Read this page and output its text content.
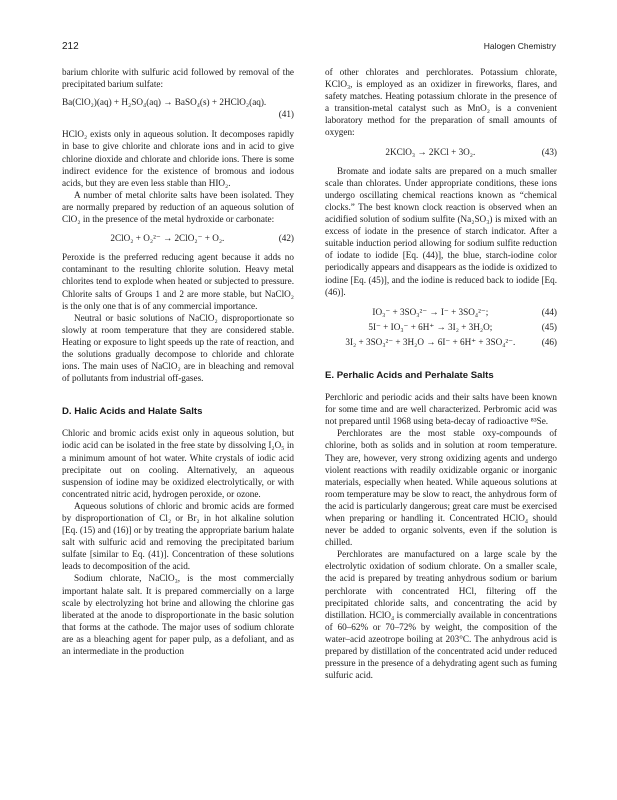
212	Halogen Chemistry

barium chlorite with sulfuric acid followed by removal of the precipitated barium sulfate:

Ba(ClO₂)(aq) + H₂SO₄(aq) → BaSO₄(s) + 2HClO₂(aq).
(41)

HClO₂ exists only in aqueous solution. It decomposes rapidly in base to give chlorite and chlorate ions and in acid to give chlorine dioxide and chlorate and chloride ions. There is some indirect evidence for the existence of bromous and iodous acids, but they are even less stable than HIO₂.

A number of metal chlorite salts have been isolated. They are normally prepared by reduction of an aqueous solution of ClO₂ in the presence of the metal hydroxide or carbonate:

2ClO₂ + O₂²⁻ → 2ClO₂⁻ + O₂.	(42)

Peroxide is the preferred reducing agent because it adds no contaminant to the resulting chlorite solution. Heavy metal chlorites tend to explode when heated or subjected to pressure. Chlorite salts of Groups 1 and 2 are more stable, but NaClO₂ is the only one that is of any commercial importance.

Neutral or basic solutions of NaClO₂ disproportionate so slowly at room temperature that they are considered stable. Heating or exposure to light speeds up the rate of reaction, and the solutions gradually decompose to chloride and chlorate ions. The main uses of NaClO₂ are in bleaching and removal of pollutants from industrial off-gases.

D. Halic Acids and Halate Salts

Chloric and bromic acids exist only in aqueous solution, but iodic acid can be isolated in the free state by dissolving I₂O₅ in a minimum amount of hot water. White crystals of iodic acid precipitate out on cooling. Alternatively, an aqueous suspension of iodine may be oxidized electrolytically, or with concentrated nitric acid, hydrogen peroxide, or ozone.

Aqueous solutions of chloric and bromic acids are formed by disproportionation of Cl₂ or Br₂ in hot alkaline solution [Eq. (15) and (16)] or by treating the appropriate barium halate salt with sulfuric acid and removing the precipitated barium sulfate [similar to Eq. (41)]. Concentration of these solutions leads to decomposition of the acid.

Sodium chlorate, NaClO₃, is the most commercially important halate salt. It is prepared commercially on a large scale by electrolyzing hot brine and allowing the chlorine gas liberated at the anode to disproportionate in the basic solution that forms at the cathode. The major uses of sodium chlorate are as a bleaching agent for paper pulp, as a defoliant, and as an intermediate in the production

of other chlorates and perchlorates. Potassium chlorate, KClO₃, is employed as an oxidizer in fireworks, flares, and safety matches. Heating potassium chlorate in the presence of a transition-metal catalyst such as MnO₂ is a convenient laboratory method for the preparation of small amounts of oxygen:

2KClO₃ → 2KCl + 3O₂.	(43)

Bromate and iodate salts are prepared on a much smaller scale than chlorates. Under appropriate conditions, these ions undergo oscillating chemical reactions known as “chemical clocks.” The best known clock reaction is observed when an acidified solution of sodium sulfite (Na₂SO₃) is mixed with an excess of iodate in the presence of starch indicator. After a suitable induction period allowing for sodium sulfite reduction of iodate to iodide [Eq. (44)], the blue, starch-iodine color periodically appears and disappears as the iodide is oxidized to iodine [Eq. (45)], and the iodine is reduced back to iodide [Eq. (46)].

IO₃⁻ + 3SO₃²⁻ → I⁻ + 3SO₄²⁻;	(44)
5I⁻ + IO₃⁻ + 6H⁺ → 3I₂ + 3H₂O;	(45)
3I₂ + 3SO₃²⁻ + 3H₂O → 6I⁻ + 6H⁺ + 3SO₄²⁻.	(46)
E. Perhalic Acids and Perhalate Salts

Perchloric and periodic acids and their salts have been known for some time and are well characterized. Perbromic acid was not prepared until 1968 using beta-decay of radioactive ⁸³Se.

Perchlorates are the most stable oxy-compounds of chlorine, both as solids and in solution at room temperature. They are, however, very strong oxidizing agents and undergo violent reactions with readily oxidizable organic or inorganic materials, especially when heated. While aqueous solutions at room temperature may be slow to react, the anhydrous form of the acid is particularly dangerous; great care must be exercised when preparing or handling it. Concentrated HClO₄ should never be added to organic solvents, even if the solution is chilled.

Perchlorates are manufactured on a large scale by the electrolytic oxidation of sodium chlorate. On a smaller scale, the acid is prepared by treating anhydrous sodium or barium perchlorate with concentrated HCl, filtering off the precipitated chloride salts, and concentrating the acid by distillation. HClO₄ is commercially available in concentrations of 60–62% or 70–72% by weight, the composition of the water–acid azeotrope boiling at 203°C. The anhydrous acid is prepared by distillation of the concentrated acid under reduced pressure in the presence of a dehydrating agent such as fuming sulfuric acid.
